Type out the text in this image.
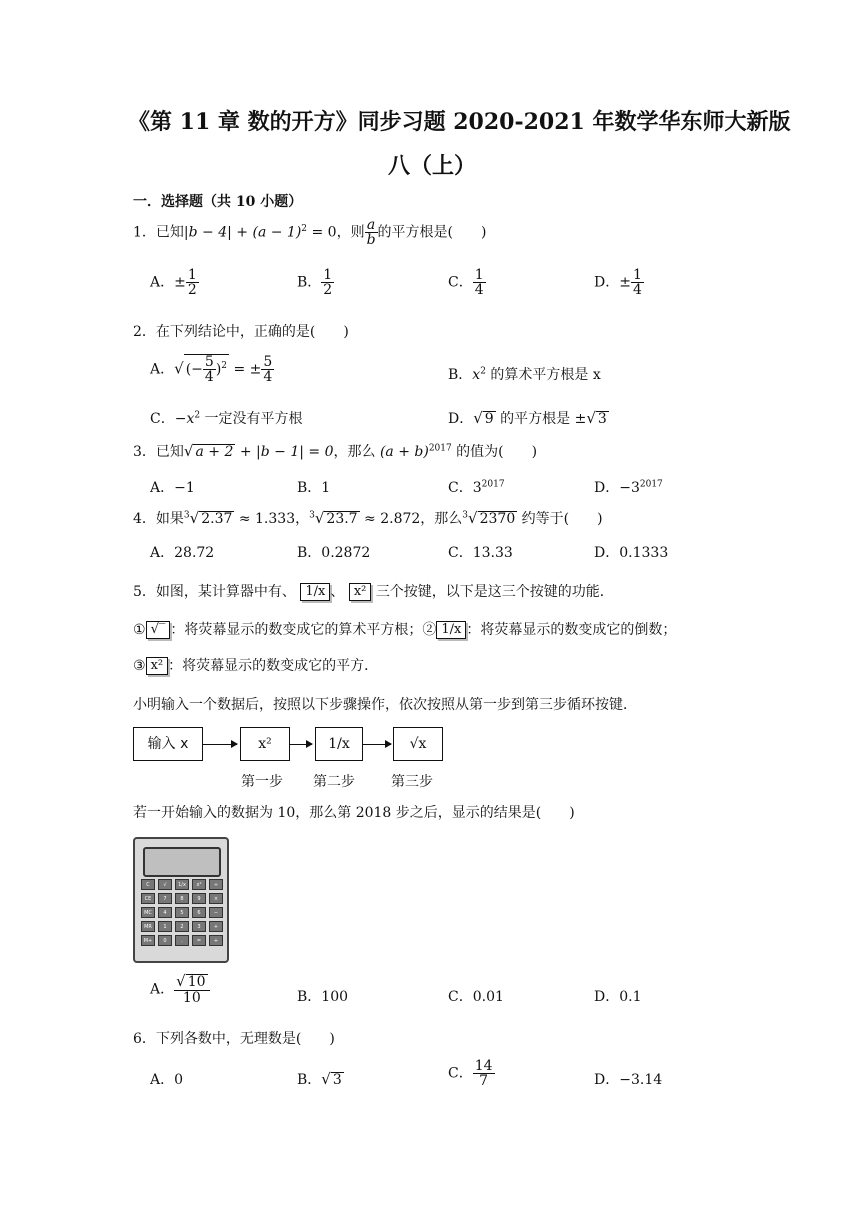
《第 11 章 数的开方》同步习题 2020-2021 年数学华东师大新版
八（上）
一．选择题（共 10 小题）
1．已知$|b - 4| + (a - 1)^2 = 0$，则 $\frac{a}{b}$ 的平方根是(　　)
A．± $\frac{1}{2}$	B． $\frac{1}{2}$	C． $\frac{1}{4}$	D．± $\frac{1}{4}$
2．在下列结论中，正确的是(　　)
A．√ (− $\frac{5}{4} )^2$ = ± $\frac{5}{4}$	B．$x^2$ 的算术平方根是 x
C．$-x^2$ 一定没有平方根	D．√ 9 的平方根是 ±√ 3
3．已知√ a + 2 + |b − 1| = 0，那么 $(a + b)^{2017}$ 的值为(　　)
A．−1	B．1	C．$3^{2017}$	D．$-3^{2017}$
4．如果$^3$√ 2.37 ≈ 1.333，$^3$√ 23.7 ≈ 2.872，那么$^3$√ 2370 约等于(　　)
A．28.72	B．0.2872	C．13.33	D．0.1333
5．如图，某计算器中有、 1/x 、 x² 三个按键，以下是这三个按键的功能．
① √‾ ：将荧幕显示的数变成它的算术平方根；② 1/x ：将荧幕显示的数变成它的倒数；
③ x² ：将荧幕显示的数变成它的平方．
小明输入一个数据后，按照以下步骤操作，依次按照从第一步到第三步循环按键．
输入 x	x²	1/x	√x
第一步 第二步	第三步
若一开始输入的数据为 10，那么第 2018 步之后，显示的结果是(　　)
C	√	1/x	x²	÷
CE	7	8	9	×
MC	4	5	6	−
MR	1	2	3	+
M+	0	.	=	+
A． $\frac{√ 10}{10}$	B．100	C．0.01	D．0.1
6．下列各数中，无理数是(　　)
A．0	B．√ 3	C． $\frac{14}{7}$	D．−3.14
